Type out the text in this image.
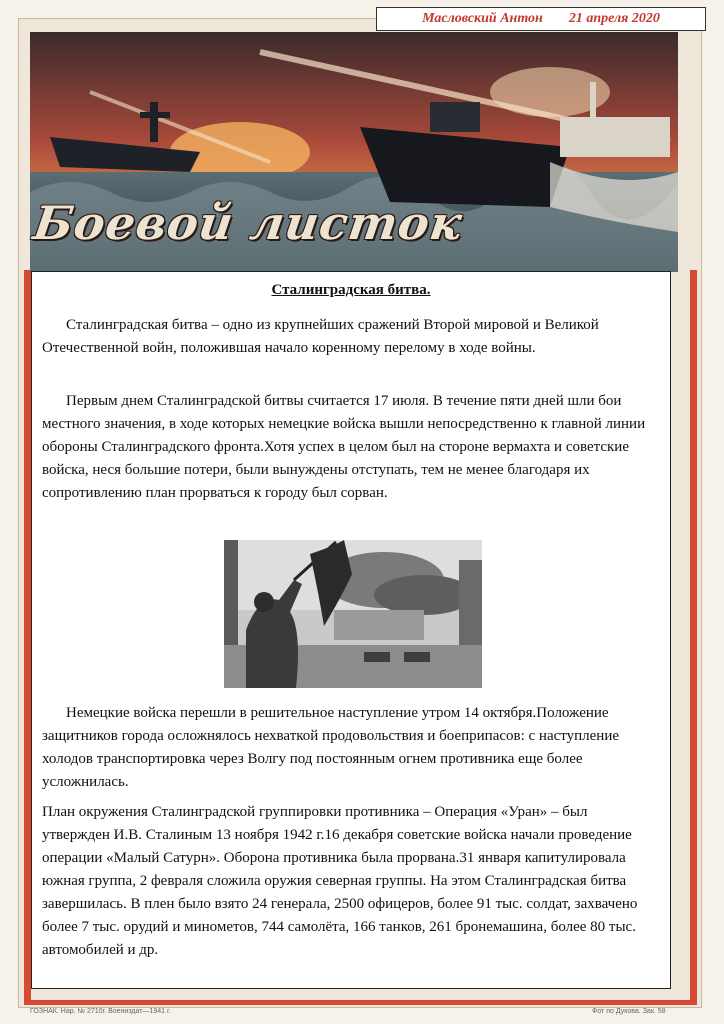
Масловский Антон 21 апреля 2020
Боевой листок
Сталинградская битва.

Сталинградская битва – одно из крупнейших сражений Второй мировой и Великой Отечественной войн, положившая начало коренному перелому в ходе войны.

Первым днем Сталинградской битвы считается 17 июля. В течение пяти дней шли бои местного значения, в ходе которых немецкие войска вышли непосредственно к главной линии обороны Сталинградского фронта.Хотя успех в целом был на стороне вермахта и советские войска, неся большие потери, были вынуждены отступать, тем не менее благодаря их сопротивлению план прорваться к городу был сорван.

Немецкие войска перешли в решительное наступление утром 14 октября.Положение защитников города осложнялось нехваткой продовольствия и боеприпасов: с наступление холодов транспортировка через Волгу под постоянным огнем противника еще более усложнилась.

План окружения Сталинградской группировки противника – Операция «Уран» – был утвержден И.В. Сталиным 13 ноября 1942 г.16 декабря советские войска начали проведение операции «Малый Сатурн». Оборона противника была прорвана.31 января капитулировала южная группа, 2 февраля сложила оружия северная группы. На этом Сталинградская битва завершилась. В плен было взято 24 генерала, 2500 офицеров, более 91 тыс. солдат, захвачено более 7 тыс. орудий и минометов, 744 самолёта, 166 танков, 261 бронемашина, более 80 тыс. автомобилей и др.

ГОЗНАК. Нар. № 2710г. Воениздат—1941 г.	Фот по Дукова. Зак. 58
